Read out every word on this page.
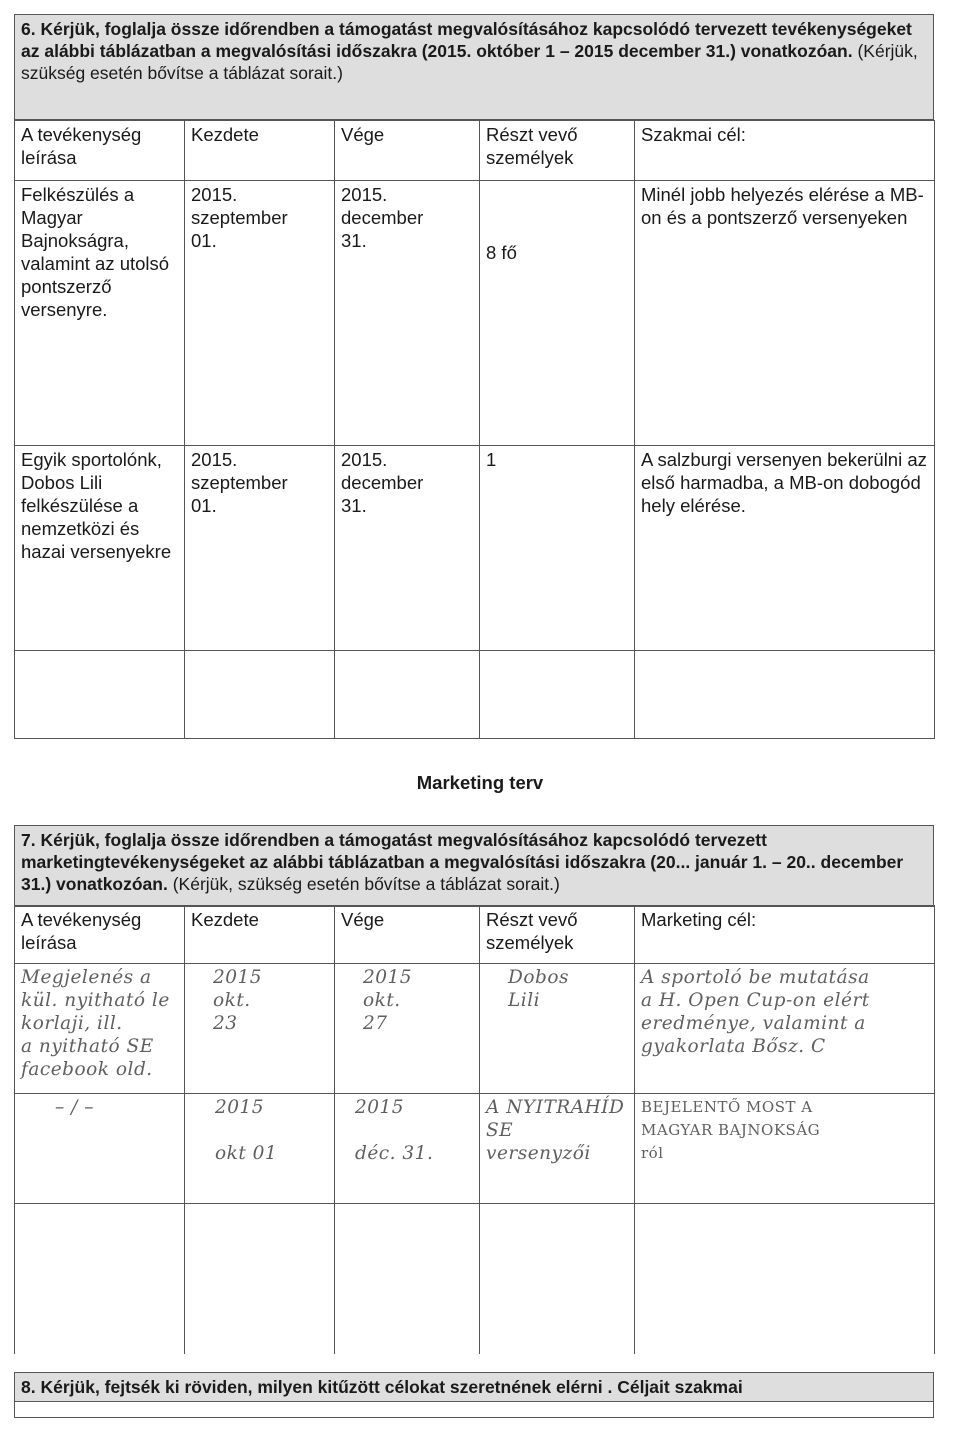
6. Kérjük, foglalja össze időrendben a támogatást megvalósításához kapcsolódó tervezett tevékenységeket az alábbi táblázatban a megvalósítási időszakra (2015. október 1 – 2015 december 31.) vonatkozóan. (Kérjük, szükség esetén bővítse a táblázat sorait.)
A tevékenység leírása	Kezdete	Vége	Részt vevő személyek	Szakmai cél:
Felkészülés a Magyar Bajnokságra, valamint az utolsó pontszerző versenyre.	2015.
szeptember
01.	2015.
december
31.	8 fő	Minél jobb helyezés elérése a MB-on és a pontszerző versenyeken
Egyik sportolónk, Dobos Lili felkészülése a nemzetközi és hazai versenyekre	2015.
szeptember
01.	2015.
december
31.	1	A salzburgi versenyen bekerülni az első harmadba, a MB-on dobogód hely elérése.

Marketing terv
7. Kérjük, foglalja össze időrendben a támogatást megvalósításához kapcsolódó tervezett marketingtevékenységeket az alábbi táblázatban a megvalósítási időszakra (20... január 1. – 20.. december 31.) vonatkozóan. (Kérjük, szükség esetén bővítse a táblázat sorait.)
A tevékenység leírása	Kezdete	Vége	Részt vevő személyek	Marketing cél:
Megjelenés a
kül. nyitható le
korlaji, ill.
a nyitható SE
facebook old.	2015
okt.
23	2015
okt.
27	Dobos
Lili	A sportoló be mutatása
a H. Open Cup-on elért
eredménye, valamint a
gyakorlata Bősz. C
– / –	2015

okt 01	2015

déc. 31.	A NYITRAHÍD
SE
versenyzői	BEJELENTŐ MOST A
MAGYAR BAJNOKSÁG
ról

8. Kérjük, fejtsék ki röviden, milyen kitűzött célokat szeretnének elérni . Céljait szakmai
